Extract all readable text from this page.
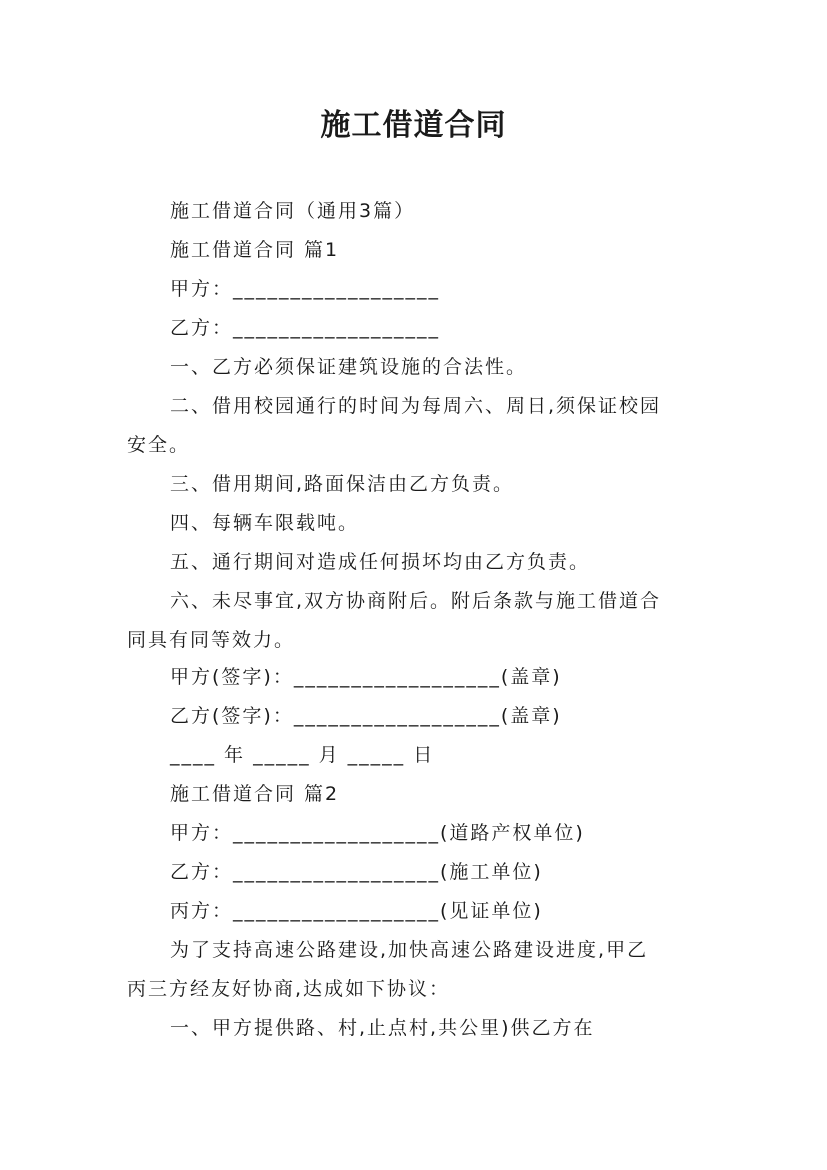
施工借道合同
施工借道合同（通用3篇）
施工借道合同 篇1
甲方：__________________
乙方：__________________
一、乙方必须保证建筑设施的合法性。
二、借用校园通行的时间为每周六、周日,须保证校园
安全。
三、借用期间,路面保洁由乙方负责。
四、每辆车限载吨。
五、通行期间对造成任何损坏均由乙方负责。
六、未尽事宜,双方协商附后。附后条款与施工借道合
同具有同等效力。
甲方(签字)：__________________(盖章)
乙方(签字)：__________________(盖章)
____ 年 _____ 月 _____ 日
施工借道合同 篇2
甲方：__________________(道路产权单位)
乙方：__________________(施工单位)
丙方：__________________(见证单位)
为了支持高速公路建设,加快高速公路建设进度,甲乙
丙三方经友好协商,达成如下协议：
一、甲方提供路、村,止点村,共公里)供乙方在
